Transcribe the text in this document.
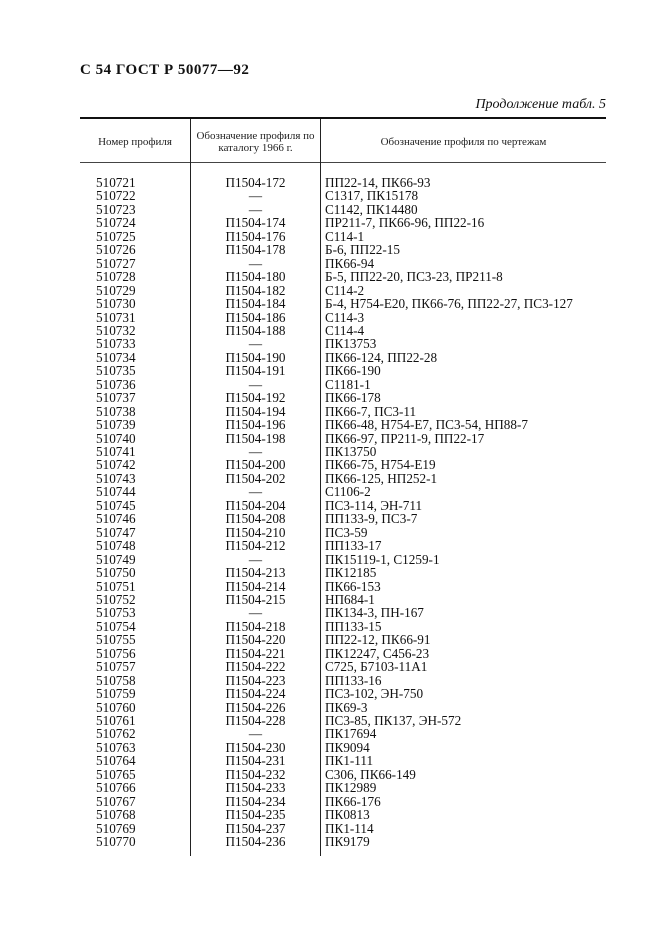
С 54 ГОСТ Р 50077—92
Продолжение табл. 5
Номер профиля	Обозначение профиля по каталогу 1966 г.	Обозначение профиля по чертежам
510721	П1504-172	ПП22-14, ПК66-93
510722	—	С1317, ПК15178
510723	—	С1142, ПК14480
510724	П1504-174	ПР211-7, ПК66-96, ПП22-16
510725	П1504-176	С114-1
510726	П1504-178	Б-6, ПП22-15
510727	—	ПК66-94
510728	П1504-180	Б-5, ПП22-20, ПС3-23, ПР211-8
510729	П1504-182	С114-2
510730	П1504-184	Б-4, Н754-Е20, ПК66-76, ПП22-27, ПС3-127
510731	П1504-186	С114-3
510732	П1504-188	С114-4
510733	—	ПК13753
510734	П1504-190	ПК66-124, ПП22-28
510735	П1504-191	ПК66-190
510736	—	С1181-1
510737	П1504-192	ПК66-178
510738	П1504-194	ПК66-7, ПС3-11
510739	П1504-196	ПК66-48, Н754-Е7, ПС3-54, НП88-7
510740	П1504-198	ПК66-97, ПР211-9, ПП22-17
510741	—	ПК13750
510742	П1504-200	ПК66-75, Н754-Е19
510743	П1504-202	ПК66-125, НП252-1
510744	—	С1106-2
510745	П1504-204	ПС3-114, ЭН-711
510746	П1504-208	ПП133-9, ПС3-7
510747	П1504-210	ПС3-59
510748	П1504-212	ПП133-17
510749	—	ПК15119-1, С1259-1
510750	П1504-213	ПК12185
510751	П1504-214	ПК66-153
510752	П1504-215	НП684-1
510753	—	ПК134-3, ПН-167
510754	П1504-218	ПП133-15
510755	П1504-220	ПП22-12, ПК66-91
510756	П1504-221	ПК12247, С456-23
510757	П1504-222	С725, Б7103-11А1
510758	П1504-223	ПП133-16
510759	П1504-224	ПС3-102, ЭН-750
510760	П1504-226	ПК69-3
510761	П1504-228	ПС3-85, ПК137, ЭН-572
510762	—	ПК17694
510763	П1504-230	ПК9094
510764	П1504-231	ПК1-111
510765	П1504-232	С306, ПК66-149
510766	П1504-233	ПК12989
510767	П1504-234	ПК66-176
510768	П1504-235	ПК0813
510769	П1504-237	ПК1-114
510770	П1504-236	ПК9179
